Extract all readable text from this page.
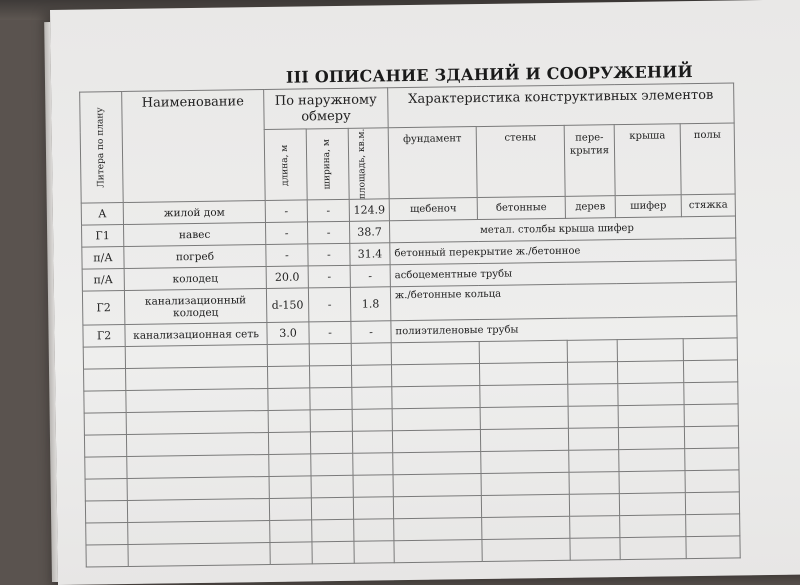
III ОПИСАНИЕ ЗДАНИЙ И СООРУЖЕНИЙ
Литера по плану	Наименование	По наружному обмеру			Характеристика конструктивных элементов				

		длина, м	ширина, м	площадь, кв.м.	фундамент	стены	пере-крытия	крыша	полы
А	жилой дом	-	-	124.9	щебеноч	бетонные	дерев	шифер	стяжка
Г1	навес	-	-	38.7	метал. столбы крыша шифер				
п/А	погреб	-	-	31.4	бетонный перекрытие ж./бетонное				
п/А	колодец	20.0	-	-	асбоцементные трубы				
Г2	канализационный колодец	d-150	-	1.8	ж./бетонные кольца				
Г2	канализационная сеть	3.0	-	-	полиэтиленовые трубы				
